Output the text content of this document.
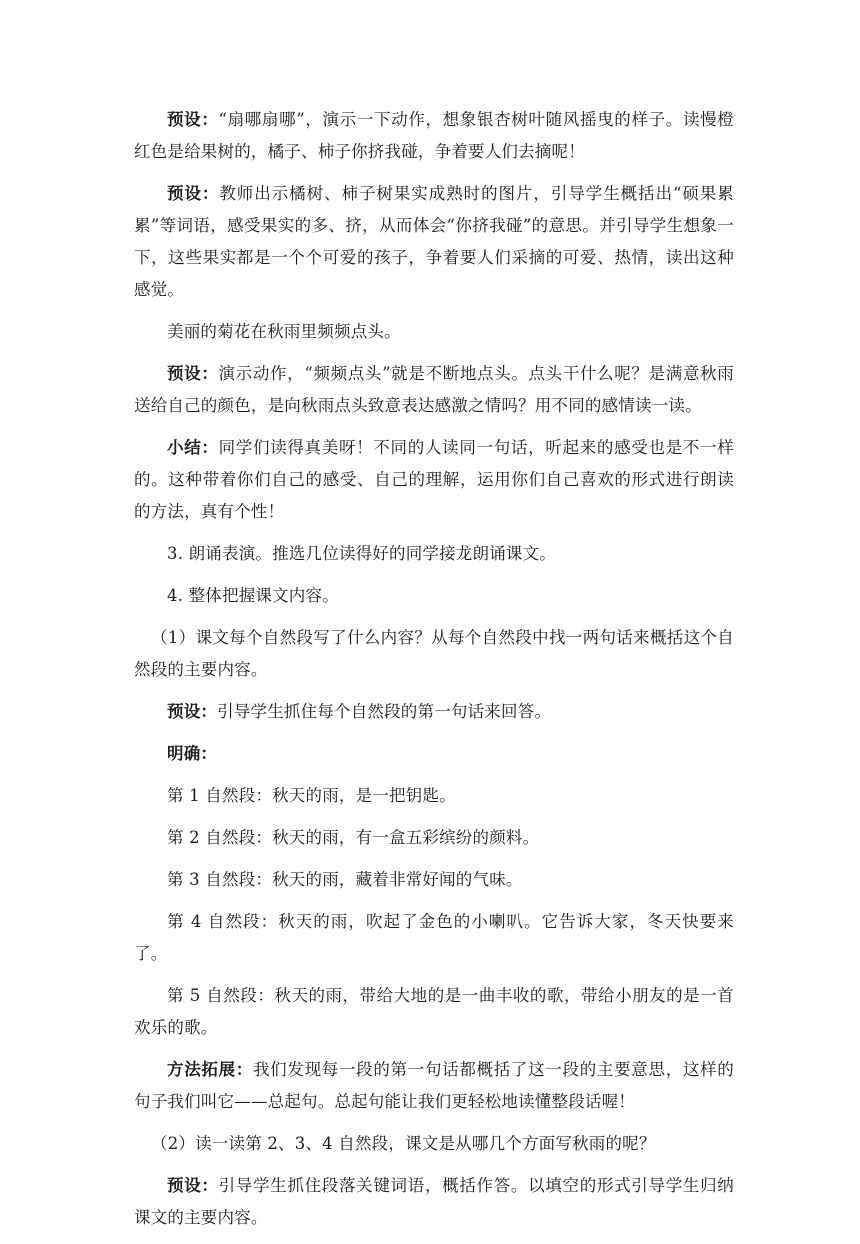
预设：“扇哪扇哪”，演示一下动作，想象银杏树叶随风摇曳的样子。读慢橙红色是给果树的，橘子、柿子你挤我碰，争着要人们去摘呢！

预设：教师出示橘树、柿子树果实成熟时的图片，引导学生概括出“硕果累累”等词语，感受果实的多、挤，从而体会“你挤我碰”的意思。并引导学生想象一下，这些果实都是一个个可爱的孩子，争着要人们采摘的可爱、热情，读出这种感觉。

美丽的菊花在秋雨里频频点头。

预设：演示动作，“频频点头”就是不断地点头。点头干什么呢？是满意秋雨送给自己的颜色，是向秋雨点头致意表达感激之情吗？用不同的感情读一读。

小结：同学们读得真美呀！不同的人读同一句话，听起来的感受也是不一样的。这种带着你们自己的感受、自己的理解，运用你们自己喜欢的形式进行朗读的方法，真有个性！

3. 朗诵表演。推选几位读得好的同学接龙朗诵课文。

4. 整体把握课文内容。

（1）课文每个自然段写了什么内容？从每个自然段中找一两句话来概括这个自然段的主要内容。

预设：引导学生抓住每个自然段的第一句话来回答。

明确：

第 1 自然段：秋天的雨，是一把钥匙。

第 2 自然段：秋天的雨，有一盒五彩缤纷的颜料。

第 3 自然段：秋天的雨，藏着非常好闻的气味。

第 4 自然段：秋天的雨，吹起了金色的小喇叭。它告诉大家，冬天快要来了。

第 5 自然段：秋天的雨，带给大地的是一曲丰收的歌，带给小朋友的是一首欢乐的歌。

方法拓展：我们发现每一段的第一句话都概括了这一段的主要意思，这样的句子我们叫它——总起句。总起句能让我们更轻松地读懂整段话喔！

（2）读一读第 2、3、4 自然段，课文是从哪几个方面写秋雨的呢？

预设：引导学生抓住段落关键词语，概括作答。以填空的形式引导学生归纳课文的主要内容。
